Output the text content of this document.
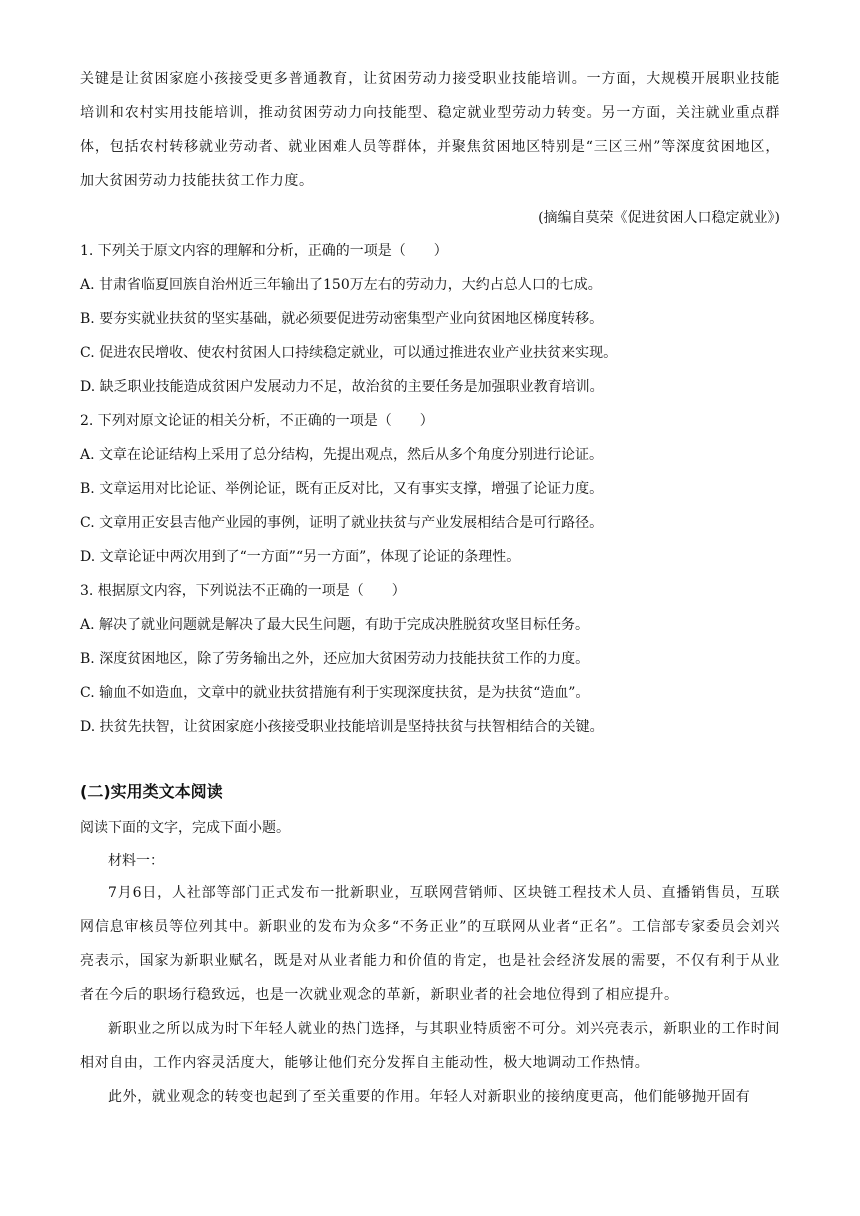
关键是让贫困家庭小孩接受更多普通教育，让贫困劳动力接受职业技能培训。一方面，大规模开展职业技能培训和农村实用技能培训，推动贫困劳动力向技能型、稳定就业型劳动力转变。另一方面，关注就业重点群体，包括农村转移就业劳动者、就业困难人员等群体，并聚焦贫困地区特别是“三区三州”等深度贫困地区，加大贫困劳动力技能扶贫工作力度。

(摘编自莫荣《促进贫困人口稳定就业》)

1. 下列关于原文内容的理解和分析，正确的一项是（　　）

A. 甘肃省临夏回族自治州近三年输出了150万左右的劳动力，大约占总人口的七成。

B. 要夯实就业扶贫的坚实基础，就必须要促进劳动密集型产业向贫困地区梯度转移。

C. 促进农民增收、使农村贫困人口持续稳定就业，可以通过推进农业产业扶贫来实现。

D. 缺乏职业技能造成贫困户发展动力不足，故治贫的主要任务是加强职业教育培训。

2. 下列对原文论证的相关分析，不正确的一项是（　　）

A. 文章在论证结构上采用了总分结构，先提出观点，然后从多个角度分别进行论证。

B. 文章运用对比论证、举例论证，既有正反对比，又有事实支撑，增强了论证力度。

C. 文章用正安县吉他产业园的事例，证明了就业扶贫与产业发展相结合是可行路径。

D. 文章论证中两次用到了“一方面”“另一方面”，体现了论证的条理性。

3. 根据原文内容，下列说法不正确的一项是（　　）

A. 解决了就业问题就是解决了最大民生问题，有助于完成决胜脱贫攻坚目标任务。

B. 深度贫困地区，除了劳务输出之外，还应加大贫困劳动力技能扶贫工作的力度。

C. 输血不如造血，文章中的就业扶贫措施有利于实现深度扶贫，是为扶贫“造血”。

D. 扶贫先扶智，让贫困家庭小孩接受职业技能培训是坚持扶贫与扶智相结合的关键。

(二)实用类文本阅读

阅读下面的文字，完成下面小题。

材料一：

7月6日，人社部等部门正式发布一批新职业，互联网营销师、区块链工程技术人员、直播销售员，互联网信息审核员等位列其中。新职业的发布为众多“不务正业”的互联网从业者“正名”。工信部专家委员会刘兴亮表示，国家为新职业赋名，既是对从业者能力和价值的肯定，也是社会经济发展的需要，不仅有利于从业者在今后的职场行稳致远，也是一次就业观念的革新，新职业者的社会地位得到了相应提升。

新职业之所以成为时下年轻人就业的热门选择，与其职业特质密不可分。刘兴亮表示，新职业的工作时间相对自由，工作内容灵活度大，能够让他们充分发挥自主能动性，极大地调动工作热情。

此外，就业观念的转变也起到了至关重要的作用。年轻人对新职业的接纳度更高，他们能够抛开固有
